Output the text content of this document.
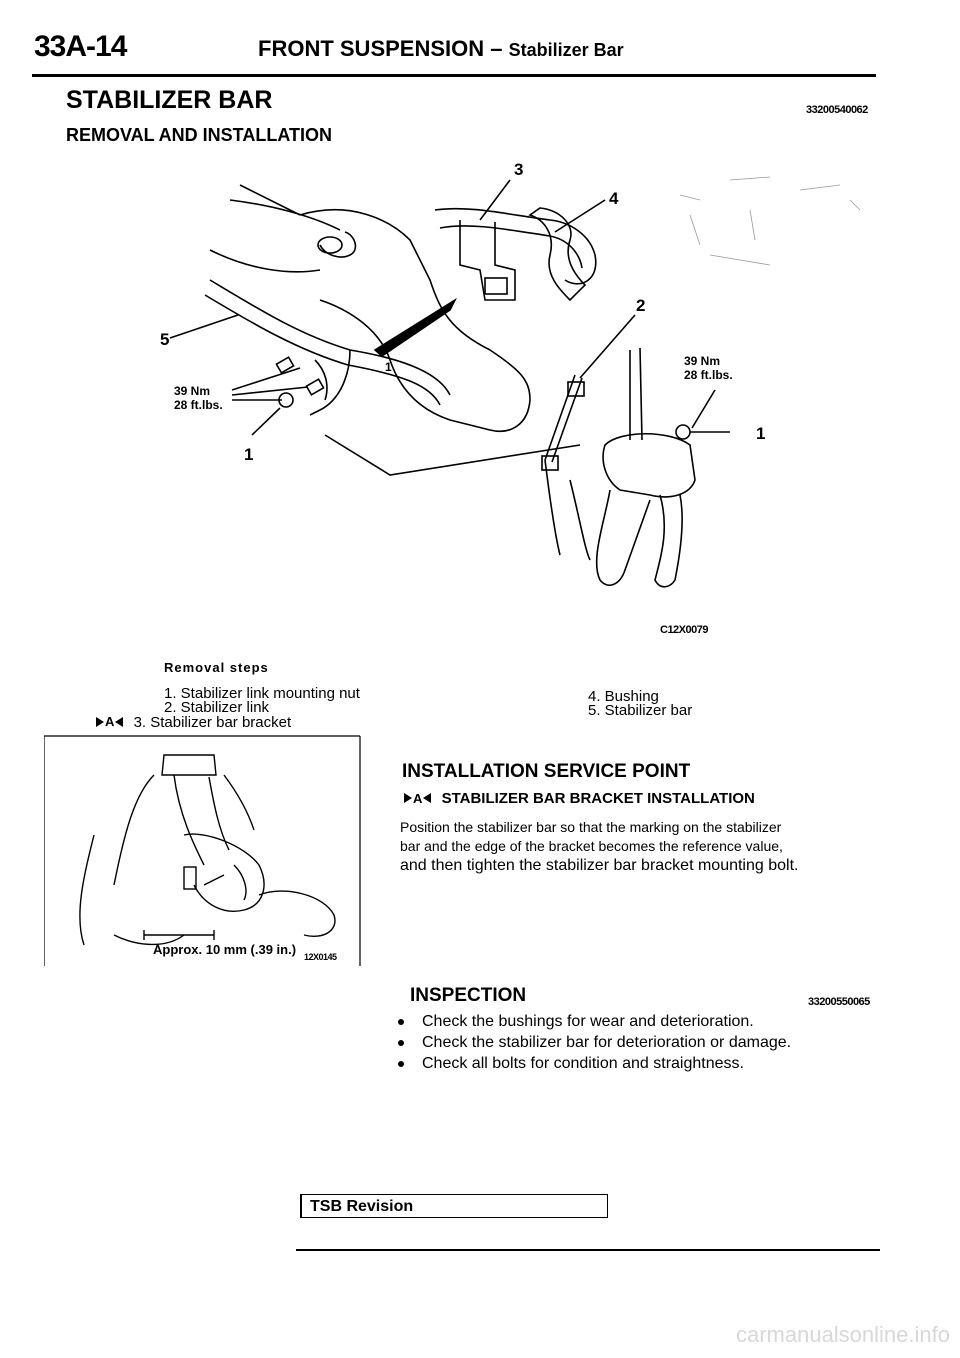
33A-14	FRONT SUSPENSION – Stabilizer Bar
STABILIZER BAR	33200540062
REMOVAL AND INSTALLATION
3
4
2
5
1
1
1
39 Nm
28 ft.lbs.
39 Nm
28 ft.lbs.
C12X0079
Removal steps
1. Stabilizer link mounting nut
2. Stabilizer link
A 3. Stabilizer bar bracket
4. Bushing
5. Stabilizer bar
Approx. 10 mm (.39 in.) 12X0145
INSTALLATION SERVICE POINT
A STABILIZER BAR BRACKET INSTALLATION
Position the stabilizer bar so that the marking on the stabilizer
bar and the edge of the bracket becomes the reference value,
and then tighten the stabilizer bar bracket mounting bolt.
INSPECTION	33200550065
Check the bushings for wear and deterioration.
Check the stabilizer bar for deterioration or damage.
Check all bolts for condition and straightness.
TSB Revision
carmanualsonline.info
